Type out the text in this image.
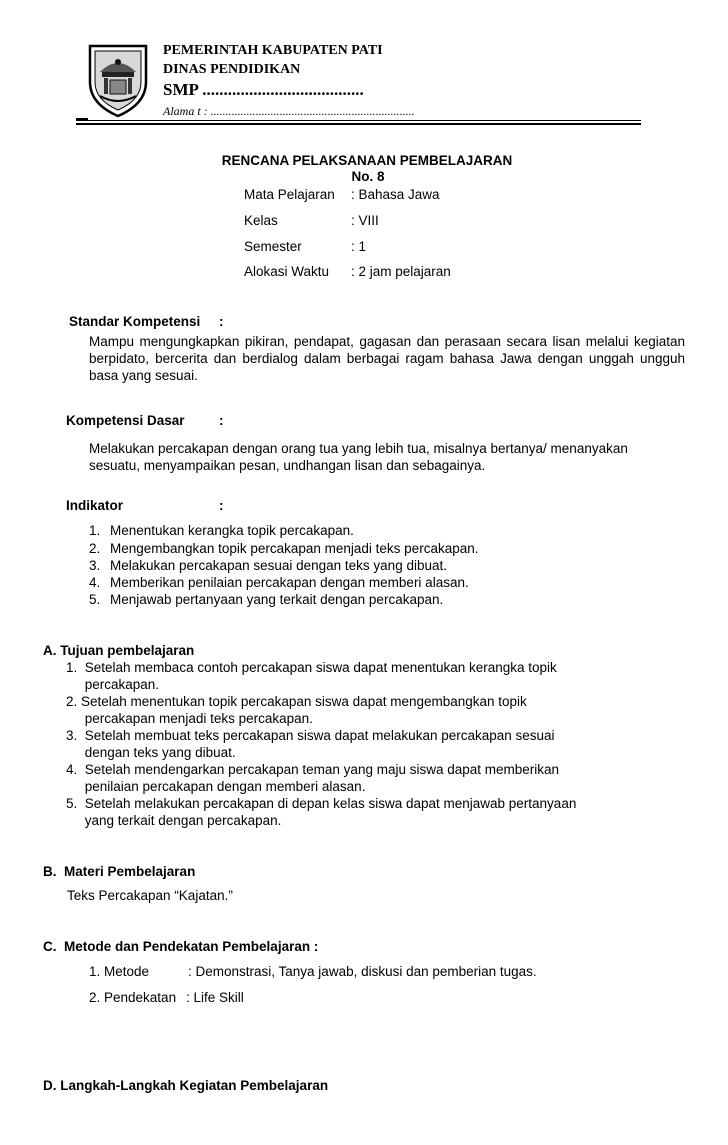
PEMERINTAH KABUPATEN PATI
DINAS PENDIDIKAN
SMP ......................................
Alama t : ....................................................................
RENCANA PELAKSANAAN PEMBELAJARAN
No. 8
Mata Pelajaran : Bahasa Jawa
Kelas	: VIII
Semester	: 1
Alokasi Waktu : 2 jam pelajaran
Standar Kompetensi :
Mampu mengungkapkan pikiran, pendapat, gagasan dan perasaan secara lisan melalui kegiatan berpidato, bercerita dan berdialog dalam berbagai ragam bahasa Jawa dengan unggah ungguh basa yang sesuai.
Kompetensi Dasar	:
Melakukan percakapan dengan orang tua yang lebih tua, misalnya bertanya/ menanyakan sesuatu, menyampaikan pesan, undhangan lisan dan sebagainya.
Indikator	:
1. Menentukan kerangka topik percakapan.
2. Mengembangkan topik percakapan menjadi teks percakapan.
3. Melakukan percakapan sesuai dengan teks yang dibuat.
4. Memberikan penilaian percakapan dengan memberi alasan.
5. Menjawab pertanyaan yang terkait dengan percakapan.
A. Tujuan pembelajaran
1.  Setelah membaca contoh percakapan siswa dapat menentukan kerangka topik
percakapan.
2. Setelah menentukan topik percakapan siswa dapat mengembangkan topik
percakapan menjadi teks percakapan.
3.  Setelah membuat teks percakapan siswa dapat melakukan percakapan sesuai
dengan teks yang dibuat.
4.  Setelah mendengarkan percakapan teman yang maju siswa dapat memberikan
penilaian percakapan dengan memberi alasan.
5.  Setelah melakukan percakapan di depan kelas siswa dapat menjawab pertanyaan
yang terkait dengan percakapan.
B.  Materi Pembelajaran
Teks Percakapan “Kajatan.”
C.  Metode dan Pendekatan Pembelajaran :
1. Metode	: Demonstrasi, Tanya jawab, diskusi dan pemberian tugas.
2. Pendekatan : Life Skill
D. Langkah-Langkah Kegiatan Pembelajaran
